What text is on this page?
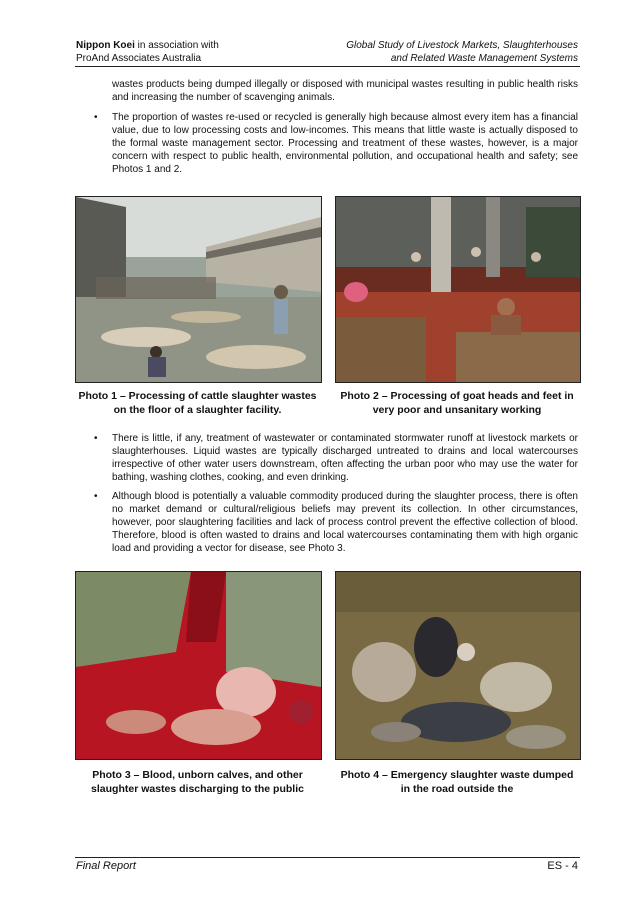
Nippon Koei in association with
ProAnd Associates Australia
Global Study of Livestock Markets, Slaughterhouses
and Related Waste Management Systems
wastes products being dumped illegally or disposed with municipal wastes resulting in public health risks and increasing the number of scavenging animals.
• The proportion of wastes re-used or recycled is generally high because almost every item has a financial value, due to low processing costs and low-incomes. This means that little waste is actually disposed to the formal waste management sector. Processing and treatment of these wastes, however, is a major concern with respect to public health, environmental pollution, and occupational health and safety; see Photos 1 and 2.
Photo 1 – Processing of cattle slaughter wastes on the floor of a slaughter facility.
Photo 2 – Processing of goat heads and feet in very poor and unsanitary working
• There is little, if any, treatment of wastewater or contaminated stormwater runoff at livestock markets or slaughterhouses. Liquid wastes are typically discharged untreated to drains and local watercourses irrespective of other water users downstream, often affecting the urban poor who may use the water for bathing, washing clothes, cooking, and even drinking.
• Although blood is potentially a valuable commodity produced during the slaughter process, there is often no market demand or cultural/religious beliefs may prevent its collection. In other circumstances, however, poor slaughtering facilities and lack of process control prevent the effective collection of blood. Therefore, blood is often wasted to drains and local watercourses contaminating them with high organic load and providing a vector for disease, see Photo 3.
Photo 3 – Blood, unborn calves, and other slaughter wastes discharging to the public
Photo 4 – Emergency slaughter waste dumped in the road outside the
Final Report	ES - 4
